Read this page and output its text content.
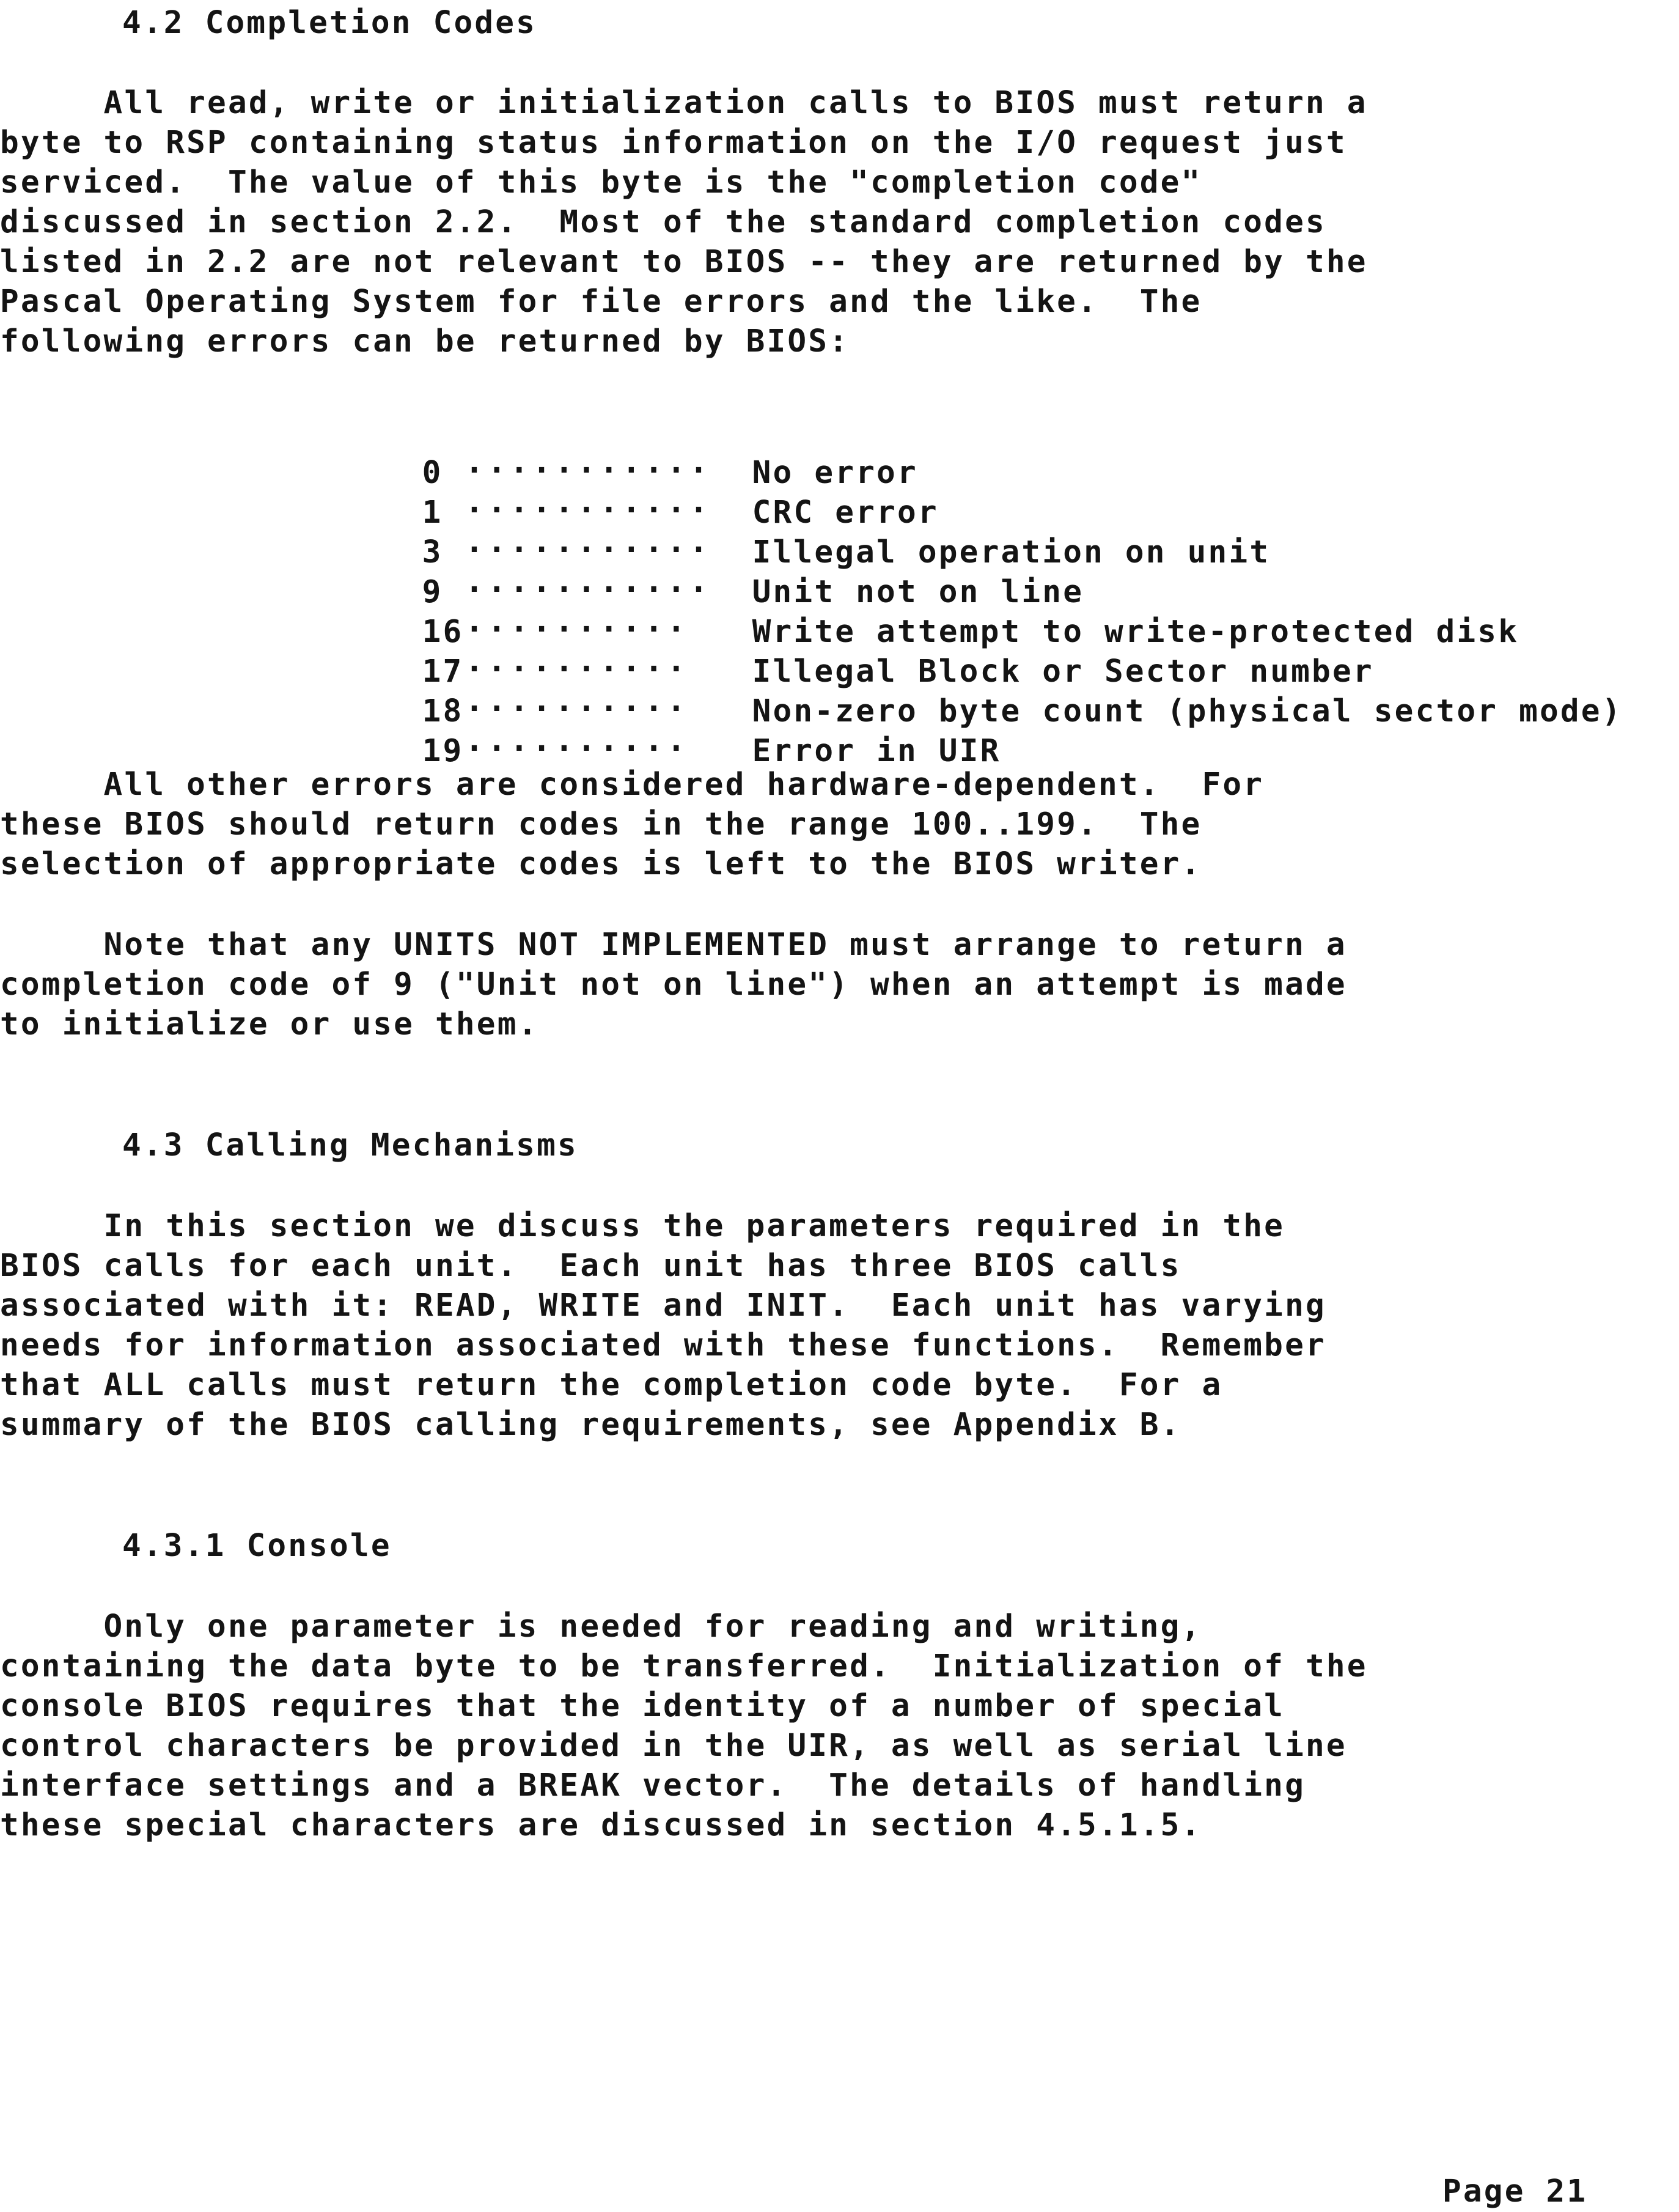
4.2 Completion Codes
All read, write or initialization calls to BIOS must return a
byte to RSP containing status information on the I/O request just
serviced.  The value of this byte is the "completion code"
discussed in section 2.2.  Most of the standard completion codes
listed in 2.2 are not relevant to BIOS -- they are returned by the
Pascal Operating System for file errors and the like.  The
following errors can be returned by BIOS:

0 ........... No error

1 ........... CRC error

3 ........... Illegal operation on unit

9 ........... Unit not on line

16.......... Write attempt to write-protected disk

17.......... Illegal Block or Sector number

18.......... Non-zero byte count (physical sector mode)

19.......... Error in UIR

All other errors are considered hardware-dependent.  For
these BIOS should return codes in the range 100..199.  The
selection of appropriate codes is left to the BIOS writer.
Note that any UNITS NOT IMPLEMENTED must arrange to return a
completion code of 9 ("Unit not on line") when an attempt is made
to initialize or use them.
4.3 Calling Mechanisms
In this section we discuss the parameters required in the
BIOS calls for each unit.  Each unit has three BIOS calls
associated with it: READ, WRITE and INIT.  Each unit has varying
needs for information associated with these functions.  Remember
that ALL calls must return the completion code byte.  For a
summary of the BIOS calling requirements, see Appendix B.
4.3.1 Console
Only one parameter is needed for reading and writing,
containing the data byte to be transferred.  Initialization of the
console BIOS requires that the identity of a number of special
control characters be provided in the UIR, as well as serial line
interface settings and a BREAK vector.  The details of handling
these special characters are discussed in section 4.5.1.5.
Page 21
